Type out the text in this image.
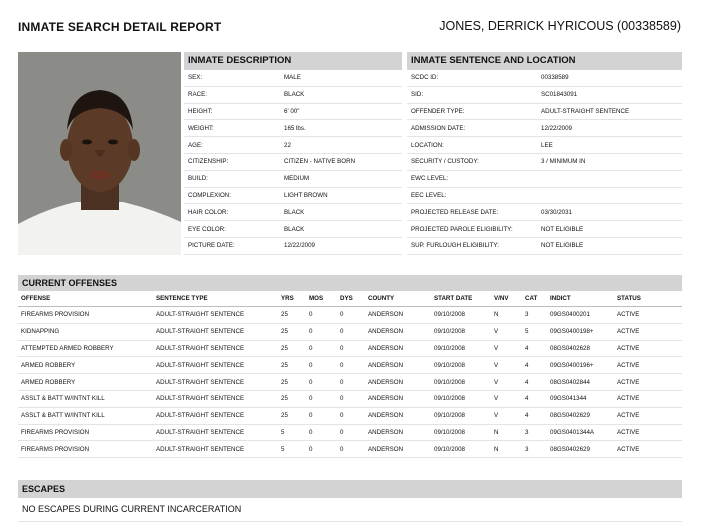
INMATE SEARCH DETAIL REPORT	JONES, DERRICK HYRICOUS (00338589)
INMATE DESCRIPTION
SEX:	MALE
RACE:	BLACK
HEIGHT:	6' 00"
WEIGHT:	165 lbs.
AGE:	22
CITIZENSHIP:	CITIZEN - NATIVE BORN
BUILD:	MEDIUM
COMPLEXION:	LIGHT BROWN
HAIR COLOR:	BLACK
EYE COLOR:	BLACK
PICTURE DATE:	12/22/2009
INMATE SENTENCE AND LOCATION
SCDC ID:	00338589
SID:	SC01843091
OFFENDER TYPE:	ADULT-STRAIGHT SENTENCE
ADMISSION DATE:	12/22/2009
LOCATION:	LEE
SECURITY / CUSTODY:	3 / MINIMUM IN
EWC LEVEL:
EEC LEVEL:
PROJECTED RELEASE DATE:	03/30/2031
PROJECTED PAROLE ELIGIBILITY:	NOT ELIGIBLE
SUP. FURLOUGH ELIGIBILITY:	NOT ELIGIBLE
CURRENT OFFENSES
OFFENSE	SENTENCE TYPE	YRS	MOS	DYS	COUNTY	START DATE	V/NV	CAT	INDICT	STATUS
FIREARMS PROVISION	ADULT-STRAIGHT SENTENCE	25	0	0	ANDERSON	09/10/2008	N	3	09GS0400201	ACTIVE
KIDNAPPING	ADULT-STRAIGHT SENTENCE	25	0	0	ANDERSON	09/10/2008	V	5	09GS0400198+	ACTIVE
ATTEMPTED ARMED ROBBERY	ADULT-STRAIGHT SENTENCE	25	0	0	ANDERSON	09/10/2008	V	4	08GS0402628	ACTIVE
ARMED ROBBERY	ADULT-STRAIGHT SENTENCE	25	0	0	ANDERSON	09/10/2008	V	4	09GS0400196+	ACTIVE
ARMED ROBBERY	ADULT-STRAIGHT SENTENCE	25	0	0	ANDERSON	09/10/2008	V	4	08GS0402844	ACTIVE
ASSLT & BATT W/INTNT KILL	ADULT-STRAIGHT SENTENCE	25	0	0	ANDERSON	09/10/2008	V	4	09GS041344	ACTIVE
ASSLT & BATT W/INTNT KILL	ADULT-STRAIGHT SENTENCE	25	0	0	ANDERSON	09/10/2008	V	4	08GS0402629	ACTIVE
FIREARMS PROVISION	ADULT-STRAIGHT SENTENCE	5	0	0	ANDERSON	09/10/2008	N	3	09GS0401344A	ACTIVE
FIREARMS PROVISION	ADULT-STRAIGHT SENTENCE	5	0	0	ANDERSON	09/10/2008	N	3	08GS0402629	ACTIVE
ESCAPES
NO ESCAPES DURING CURRENT INCARCERATION
